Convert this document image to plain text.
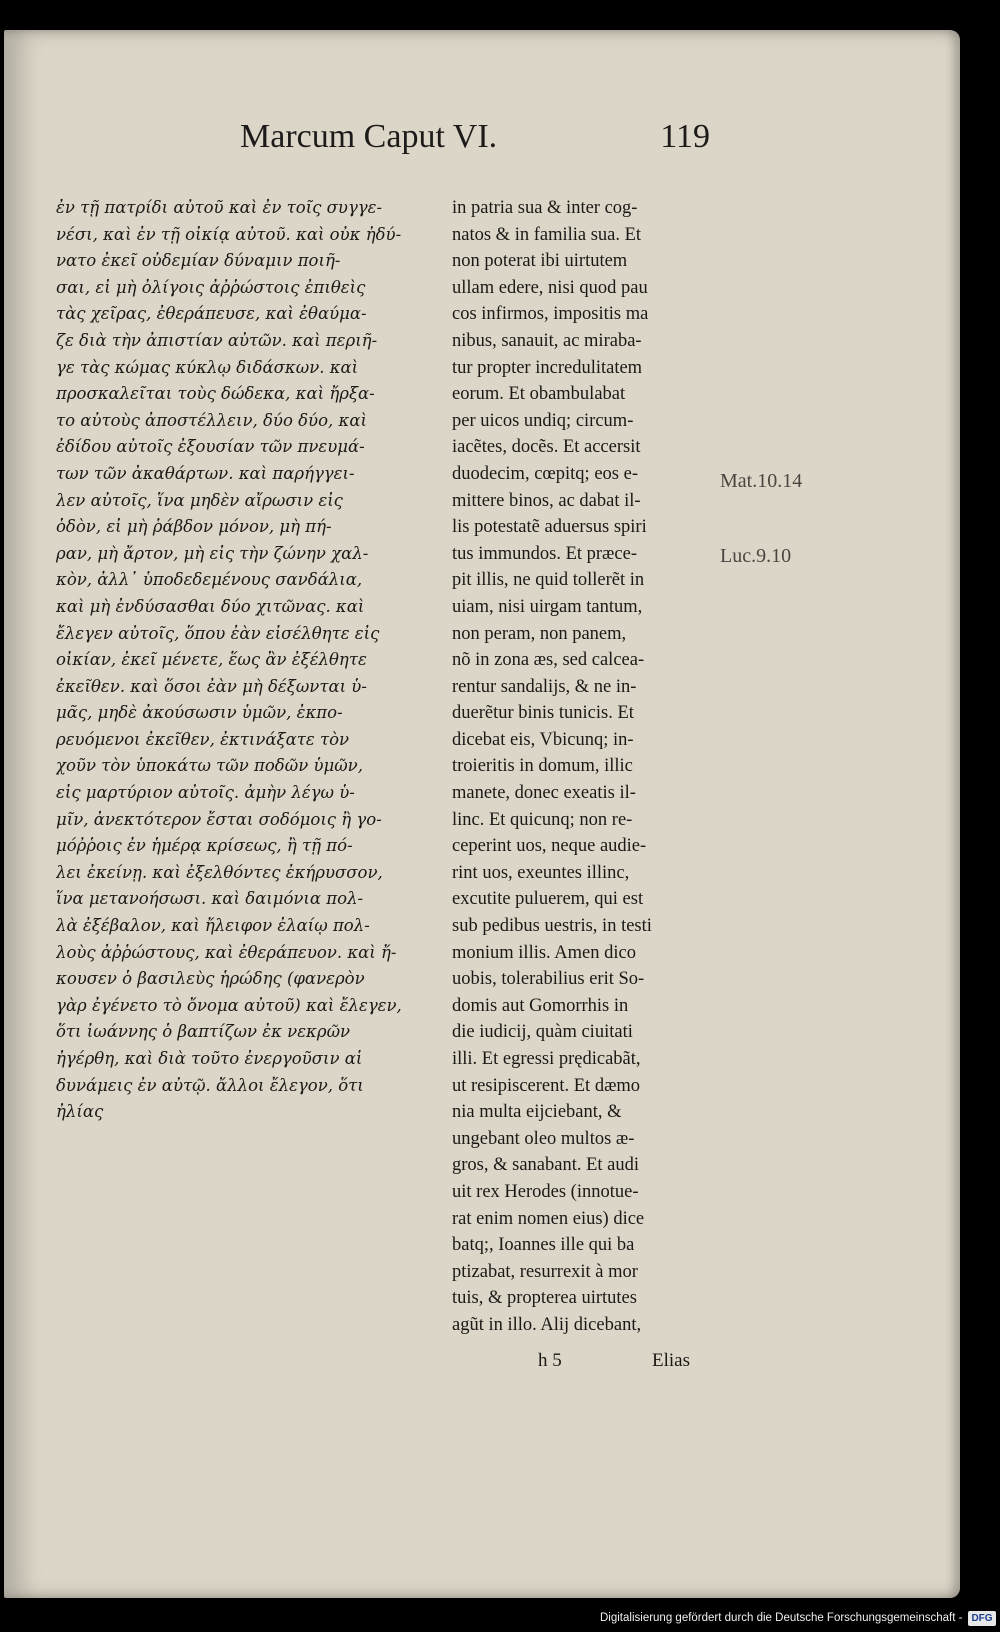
Marcum Caput VI.	119
ἐν τῇ πατρίδι αὐτοῦ καὶ ἐν τοῖς συγγε-
νέσι, καὶ ἐν τῇ οἰκίᾳ αὐτοῦ. καὶ οὐκ ἠδύ-
νατο ἐκεῖ οὐδεμίαν δύναμιν ποιῆ-
σαι, εἰ μὴ ὀλίγοις ἀῤῥώστοις ἐπιθεὶς
τὰς χεῖρας, ἐθεράπευσε, καὶ ἐθαύμα-
ζε διὰ τὴν ἀπιστίαν αὐτῶν. καὶ περιῆ-
γε τὰς κώμας κύκλῳ διδάσκων. καὶ
προσκαλεῖται τοὺς δώδεκα, καὶ ἤρξα-
το αὐτοὺς ἀποστέλλειν, δύο δύο, καὶ
ἐδίδου αὐτοῖς ἐξουσίαν τῶν πνευμά-
των τῶν ἀκαθάρτων. καὶ παρήγγει-
λεν αὐτοῖς, ἵνα μηδὲν αἴρωσιν εἰς
ὁδὸν, εἰ μὴ ῥάβδον μόνον, μὴ πή-
ραν, μὴ ἄρτον, μὴ εἰς τὴν ζώνην χαλ-
κὸν, ἀλλ᾽ ὑποδεδεμένους σανδάλια,
καὶ μὴ ἐνδύσασθαι δύο χιτῶνας. καὶ
ἔλεγεν αὐτοῖς, ὅπου ἐὰν εἰσέλθητε εἰς
οἰκίαν, ἐκεῖ μένετε, ἕως ἂν ἐξέλθητε
ἐκεῖθεν. καὶ ὅσοι ἐὰν μὴ δέξωνται ὑ-
μᾶς, μηδὲ ἀκούσωσιν ὑμῶν, ἐκπο-
ρευόμενοι ἐκεῖθεν, ἐκτινάξατε τὸν
χοῦν τὸν ὑποκάτω τῶν ποδῶν ὑμῶν,
εἰς μαρτύριον αὐτοῖς. ἀμὴν λέγω ὑ-
μῖν, ἀνεκτότερον ἔσται σοδόμοις ἢ γο-
μόῤῥοις ἐν ἡμέρᾳ κρίσεως, ἢ τῇ πό-
λει ἐκείνῃ. καὶ ἐξελθόντες ἐκήρυσσον,
ἵνα μετανοήσωσι. καὶ δαιμόνια πολ-
λὰ ἐξέβαλον, καὶ ἤλειφον ἐλαίῳ πολ-
λοὺς ἀῤῥώστους, καὶ ἐθεράπευον. καὶ ἤ-
κουσεν ὁ βασιλεὺς ἡρώδης (φανερὸν
γὰρ ἐγένετο τὸ ὄνομα αὐτοῦ) καὶ ἔλεγεν,
ὅτι ἰωάννης ὁ βαπτίζων ἐκ νεκρῶν
ἠγέρθη, καὶ διὰ τοῦτο ἐνεργοῦσιν αἱ
δυνάμεις ἐν αὐτῷ. ἄλλοι ἔλεγον, ὅτι
ἠλίας
in patria sua & inter cog-
natos & in familia sua. Et
non poterat ibi uirtutem
ullam edere, nisi quod pau
cos infirmos, impositis ma
nibus, sanauit, ac miraba-
tur propter incredulitatem
eorum. Et obambulabat
per uicos undiq; circum-
iacẽtes, docẽs. Et accersit
duodecim, cœpitq; eos e-
mittere binos, ac dabat il-
lis potestatẽ aduersus spiri
tus immundos. Et præce-
pit illis, ne quid tollerẽt in
uiam, nisi uirgam tantum,
non peram, non panem,
nõ in zona æs, sed calcea-
rentur sandalijs, & ne in-
duerẽtur binis tunicis. Et
dicebat eis, Vbicunq; in-
troieritis in domum, illic
manete, donec exeatis il-
linc. Et quicunq; non re-
ceperint uos, neque audie-
rint uos, exeuntes illinc,
excutite puluerem, qui est
sub pedibus uestris, in testi
monium illis. Amen dico
uobis, tolerabilius erit So-
domis aut Gomorrhis in
die iudicij, quàm ciuitati
illi. Et egressi prędicabãt,
ut resipiscerent. Et dæmo
nia multa eijciebant, &
ungebant oleo multos æ-
gros, & sanabant. Et audi
uit rex Herodes (innotue-
rat enim nomen eius) dice
batq;, Ioannes ille qui ba
ptizabat, resurrexit à mor
tuis, & propterea uirtutes
agũt in illo. Alij dicebant,
Mat.10.14
Luc.9.10
h 5	Elias
Digitalisierung gefördert durch die Deutsche Forschungsgemeinschaft - DFG
